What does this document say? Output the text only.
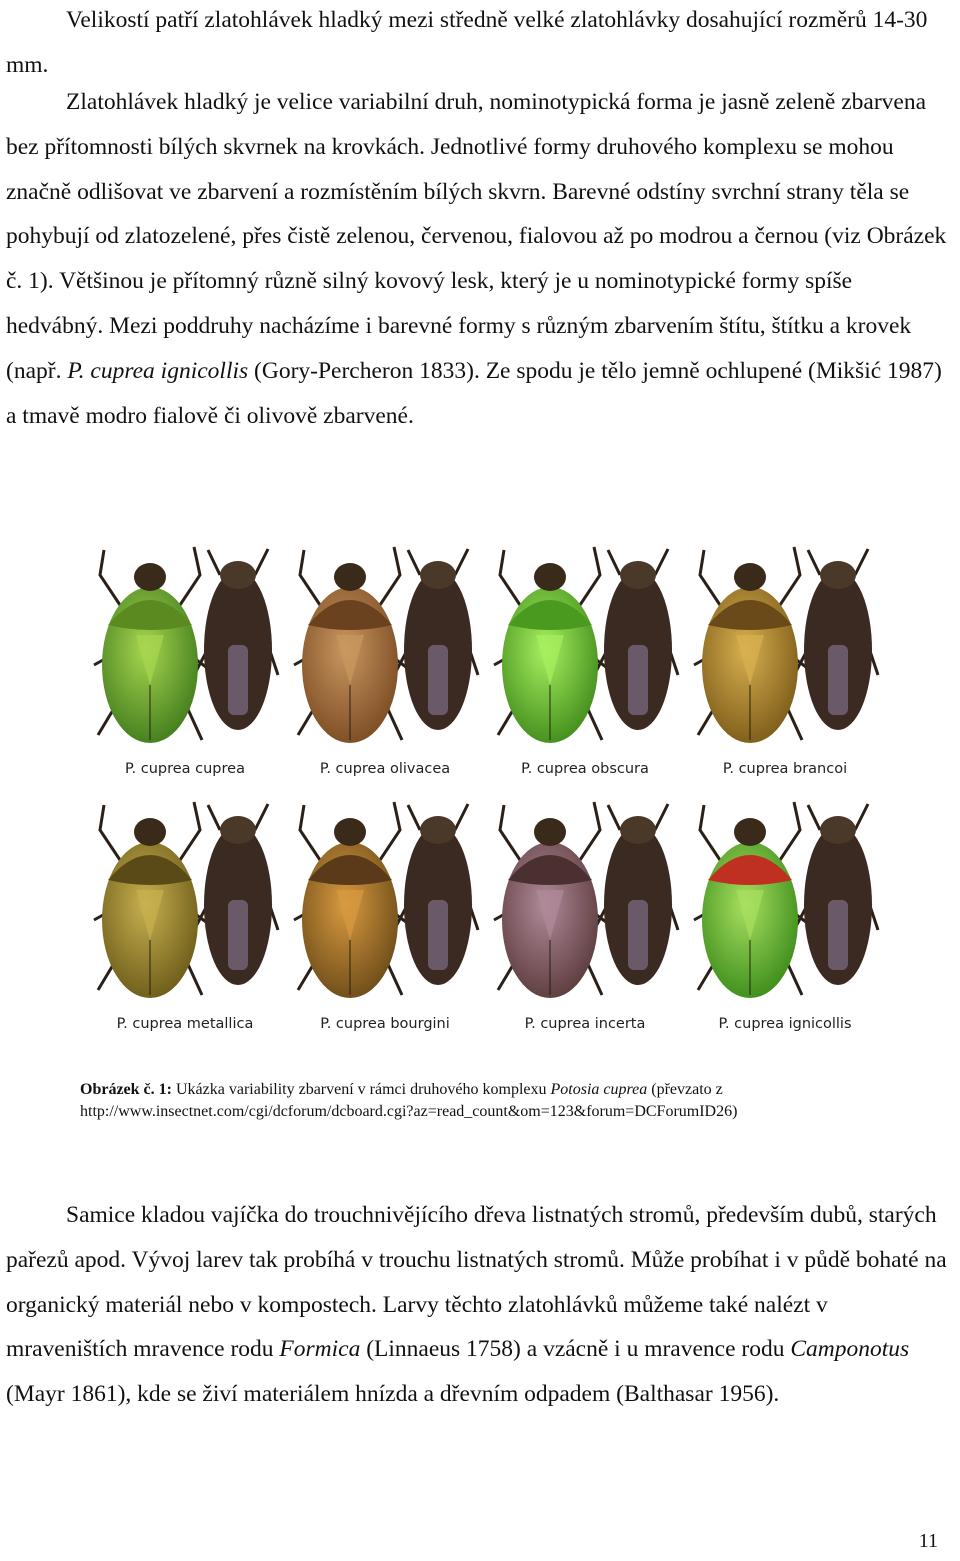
Velikostí patří zlatohlávek hladký mezi středně velké zlatohlávky dosahující rozměrů 14-30 mm.

Zlatohlávek hladký je velice variabilní druh, nominotypická forma je jasně zeleně zbarvena bez přítomnosti bílých skvrnek na krovkách. Jednotlivé formy druhového komplexu se mohou značně odlišovat ve zbarvení a rozmístěním bílých skvrn. Barevné odstíny svrchní strany těla se pohybují od zlatozelené, přes čistě zelenou, červenou, fialovou až po modrou a černou (viz Obrázek č. 1). Většinou je přítomný různě silný kovový lesk, který je u nominotypické formy spíše hedvábný. Mezi poddruhy nacházíme i barevné formy s různým zbarvením štítu, štítku a krovek (např. P. cuprea ignicollis (Gory-Percheron 1833). Ze spodu je tělo jemně ochlupené (Mikšić 1987) a tmavě modro fialově či olivově zbarvené.

P. cuprea cuprea	P. cuprea olivacea	P. cuprea obscura	P. cuprea brancoi
P. cuprea metallica	P. cuprea bourgini	P. cuprea incerta	P. cuprea ignicollis

Obrázek č. 1: Ukázka variability zbarvení v rámci druhového komplexu Potosia cuprea (převzato z http://www.insectnet.com/cgi/dcforum/dcboard.cgi?az=read_count&om=123&forum=DCForumID26)

Samice kladou vajíčka do trouchnivějícího dřeva listnatých stromů, především dubů, starých pařezů apod. Vývoj larev tak probíhá v trouchu listnatých stromů. Může probíhat i v půdě bohaté na organický materiál nebo v kompostech. Larvy těchto zlatohlávků můžeme také nalézt v mraveništích mravence rodu Formica (Linnaeus 1758) a vzácně i u mravence rodu Camponotus (Mayr 1861), kde se živí materiálem hnízda a dřevním odpadem (Balthasar 1956).

11
